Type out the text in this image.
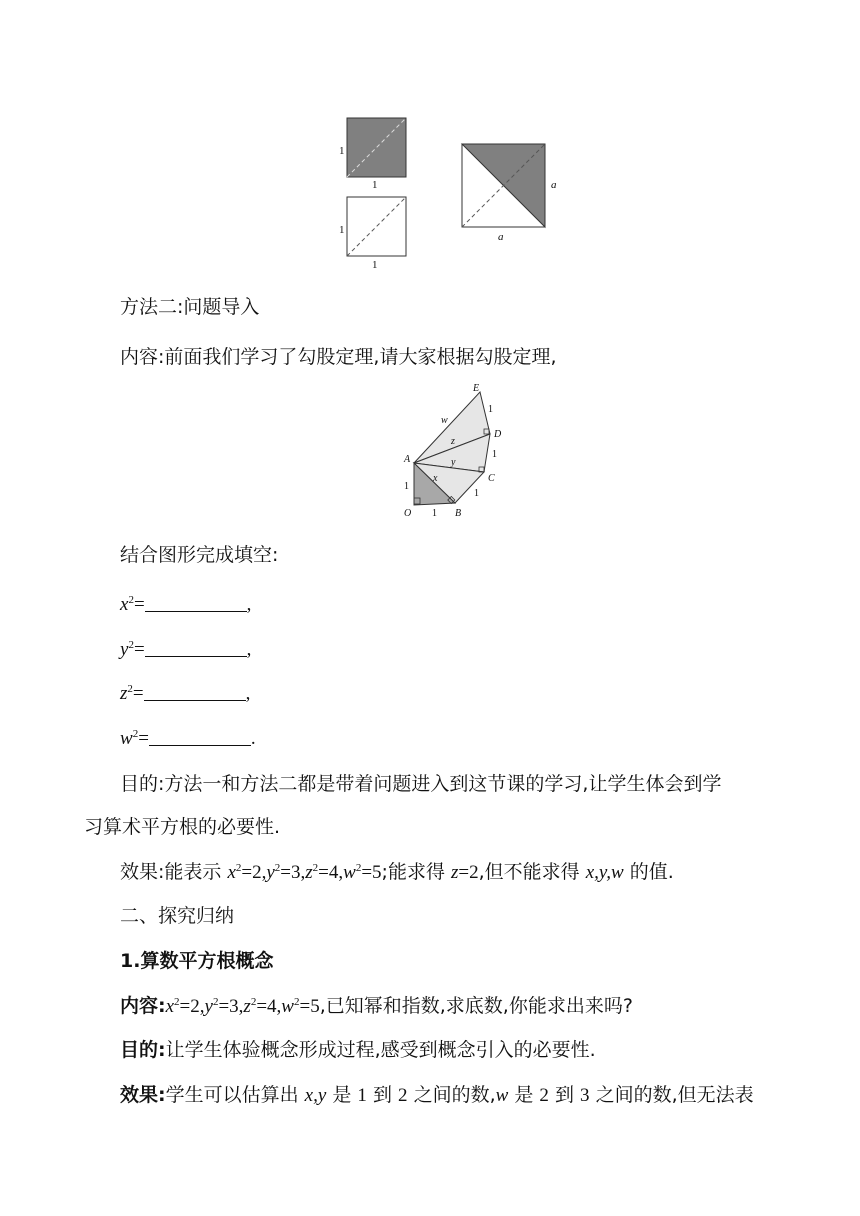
1
1
1
1
a
a
方法二:问题导入
内容:前面我们学习了勾股定理,请大家根据勾股定理,
E
D
C
B
A
O
w
z
y
x
1
1
1
1
1
结合图形完成填空:
$x^2=$	,
$y^2=$	,
$z^2=$	,
$w^2=$	.
目的:方法一和方法二都是带着问题进入到这节课的学习,让学生体会到学
习算术平方根的必要性.
效果:能表示 $x^2=2,y^2=3,z^2=4,w^2=5$;能求得 z=2,但不能求得 x,y,w 的值.
二、探究归纳
1.算数平方根概念
内容$:x^2=2,y^2=3,z^2=4,w^2=5$,已知幂和指数,求底数,你能求出来吗?
目的:让学生体验概念形成过程,感受到概念引入的必要性.
效果:学生可以估算出 x,y 是 1 到 2 之间的数,w 是 2 到 3 之间的数,但无法表
